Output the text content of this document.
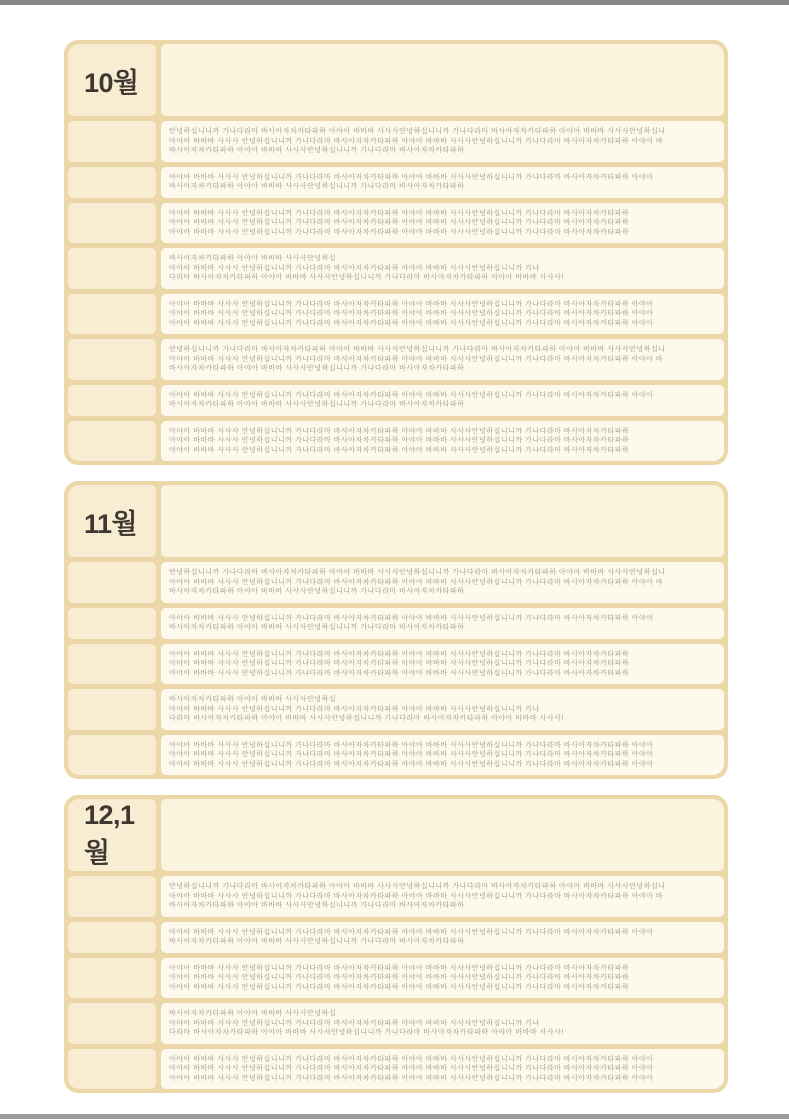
10월
안녕하십니니까 가나다라마 바사아자차카타파하 아야아 바바바 사사사안녕하십니니까 가나다라마 바사아자차카타파하 아야아 바바바 사사사안녕하십니
아야아 바바바 사사사 안녕하십니니까 가나다라마 바사아자차카타파하 아야아 바바바 사사사안녕하십니니까 가나다라마 바사아자차카타파하 아야아 바
바사아자차카타파하 아야아 바바바 사사사안녕하십니니까 가나다라마 바사아자차카타파하
아야아 바바바 사사사 안녕하십니니까 가나다라마 바사아자차카타파하 아야아 바바바 사사사안녕하십니니까 가나다라마 바사아자차카타파하 아야아
바사아자차카타파하 아야아 바바바 사사사안녕하십니니까 가나다라마 바사아자차카타파하
아야아 바바바 사사사 안녕하십니니까 가나다라마 바사아자차카타파하 아야아 바바바 사사사안녕하십니니까 가나다라마 바사아자차카타파하
아야아 바바바 사사사 안녕하십니니까 가나다라마 바사아자차카타파하 아야아 바바바 사사사안녕하십니니까 가나다라마 바사아자차카타파하
아야아 바바바 사사사 안녕하십니니까 가나다라마 바사아자차카타파하 아야아 바바바 사사사안녕하십니니까 가나다라마 바사아자차카타파하
바사아자차카타파하 아야아 바바바 사사사안녕하십
아야아 바바바 사사사 안녕하십니니까 가나다라마 바사아자차카타파하 아야아 바바바 사사사안녕하십니니까 가나
다라마 바사아자차카타파하 아야아 바바바 사사사안녕하십니니까 가나다라마 바사아자차카타파하 아야아 바바바 사사사!
아야아 바바바 사사사 안녕하십니니까 가나다라마 바사아자차카타파하 아야아 바바바 사사사안녕하십니니까 가나다라마 바사아자차카타파하 아야아
아야아 바바바 사사사 안녕하십니니까 가나다라마 바사아자차카타파하 아야아 바바바 사사사안녕하십니니까 가나다라마 바사아자차카타파하 아야아
아야아 바바바 사사사 안녕하십니니까 가나다라마 바사아자차카타파하 아야아 바바바 사사사안녕하십니니까 가나다라마 바사아자차카타파하 아야아
안녕하십니니까 가나다라마 바사아자차카타파하 아야아 바바바 사사사안녕하십니니까 가나다라마 바사아자차카타파하 아야아 바바바 사사사안녕하십니
아야아 바바바 사사사 안녕하십니니까 가나다라마 바사아자차카타파하 아야아 바바바 사사사안녕하십니니까 가나다라마 바사아자차카타파하 아야아 바
바사아자차카타파하 아야아 바바바 사사사안녕하십니니까 가나다라마 바사아자차카타파하
아야아 바바바 사사사 안녕하십니니까 가나다라마 바사아자차카타파하 아야아 바바바 사사사안녕하십니니까 가나다라마 바사아자차카타파하 아야아
바사아자차카타파하 아야아 바바바 사사사안녕하십니니까 가나다라마 바사아자차카타파하
아야아 바바바 사사사 안녕하십니니까 가나다라마 바사아자차카타파하 아야아 바바바 사사사안녕하십니니까 가나다라마 바사아자차카타파하
아야아 바바바 사사사 안녕하십니니까 가나다라마 바사아자차카타파하 아야아 바바바 사사사안녕하십니니까 가나다라마 바사아자차카타파하
아야아 바바바 사사사 안녕하십니니까 가나다라마 바사아자차카타파하 아야아 바바바 사사사안녕하십니니까 가나다라마 바사아자차카타파하
11월
안녕하십니니까 가나다라마 바사아자차카타파하 아야아 바바바 사사사안녕하십니니까 가나다라마 바사아자차카타파하 아야아 바바바 사사사안녕하십니
아야아 바바바 사사사 안녕하십니니까 가나다라마 바사아자차카타파하 아야아 바바바 사사사안녕하십니니까 가나다라마 바사아자차카타파하 아야아 바
바사아자차카타파하 아야아 바바바 사사사안녕하십니니까 가나다라마 바사아자차카타파하
아야아 바바바 사사사 안녕하십니니까 가나다라마 바사아자차카타파하 아야아 바바바 사사사안녕하십니니까 가나다라마 바사아자차카타파하 아야아
바사아자차카타파하 아야아 바바바 사사사안녕하십니니까 가나다라마 바사아자차카타파하
아야아 바바바 사사사 안녕하십니니까 가나다라마 바사아자차카타파하 아야아 바바바 사사사안녕하십니니까 가나다라마 바사아자차카타파하
아야아 바바바 사사사 안녕하십니니까 가나다라마 바사아자차카타파하 아야아 바바바 사사사안녕하십니니까 가나다라마 바사아자차카타파하
아야아 바바바 사사사 안녕하십니니까 가나다라마 바사아자차카타파하 아야아 바바바 사사사안녕하십니니까 가나다라마 바사아자차카타파하
바사아자차카타파하 아야아 바바바 사사사안녕하십
아야아 바바바 사사사 안녕하십니니까 가나다라마 바사아자차카타파하 아야아 바바바 사사사안녕하십니니까 가나
다라마 바사아자차카타파하 아야아 바바바 사사사안녕하십니니까 가나다라마 바사아자차카타파하 아야아 바바바 사사사!
아야아 바바바 사사사 안녕하십니니까 가나다라마 바사아자차카타파하 아야아 바바바 사사사안녕하십니니까 가나다라마 바사아자차카타파하 아야아
아야아 바바바 사사사 안녕하십니니까 가나다라마 바사아자차카타파하 아야아 바바바 사사사안녕하십니니까 가나다라마 바사아자차카타파하 아야아
아야아 바바바 사사사 안녕하십니니까 가나다라마 바사아자차카타파하 아야아 바바바 사사사안녕하십니니까 가나다라마 바사아자차카타파하 아야아
12,1월
안녕하십니니까 가나다라마 바사아자차카타파하 아야아 바바바 사사사안녕하십니니까 가나다라마 바사아자차카타파하 아야아 바바바 사사사안녕하십니
아야아 바바바 사사사 안녕하십니니까 가나다라마 바사아자차카타파하 아야아 바바바 사사사안녕하십니니까 가나다라마 바사아자차카타파하 아야아 바
바사아자차카타파하 아야아 바바바 사사사안녕하십니니까 가나다라마 바사아자차카타파하
아야아 바바바 사사사 안녕하십니니까 가나다라마 바사아자차카타파하 아야아 바바바 사사사안녕하십니니까 가나다라마 바사아자차카타파하 아야아
바사아자차카타파하 아야아 바바바 사사사안녕하십니니까 가나다라마 바사아자차카타파하
아야아 바바바 사사사 안녕하십니니까 가나다라마 바사아자차카타파하 아야아 바바바 사사사안녕하십니니까 가나다라마 바사아자차카타파하
아야아 바바바 사사사 안녕하십니니까 가나다라마 바사아자차카타파하 아야아 바바바 사사사안녕하십니니까 가나다라마 바사아자차카타파하
아야아 바바바 사사사 안녕하십니니까 가나다라마 바사아자차카타파하 아야아 바바바 사사사안녕하십니니까 가나다라마 바사아자차카타파하
바사아자차카타파하 아야아 바바바 사사사안녕하십
아야아 바바바 사사사 안녕하십니니까 가나다라마 바사아자차카타파하 아야아 바바바 사사사안녕하십니니까 가나
다라마 바사아자차카타파하 아야아 바바바 사사사안녕하십니니까 가나다라마 바사아자차카타파하 아야아 바바바 사사사!
아야아 바바바 사사사 안녕하십니니까 가나다라마 바사아자차카타파하 아야아 바바바 사사사안녕하십니니까 가나다라마 바사아자차카타파하 아야아
아야아 바바바 사사사 안녕하십니니까 가나다라마 바사아자차카타파하 아야아 바바바 사사사안녕하십니니까 가나다라마 바사아자차카타파하 아야아
아야아 바바바 사사사 안녕하십니니까 가나다라마 바사아자차카타파하 아야아 바바바 사사사안녕하십니니까 가나다라마 바사아자차카타파하 아야아
